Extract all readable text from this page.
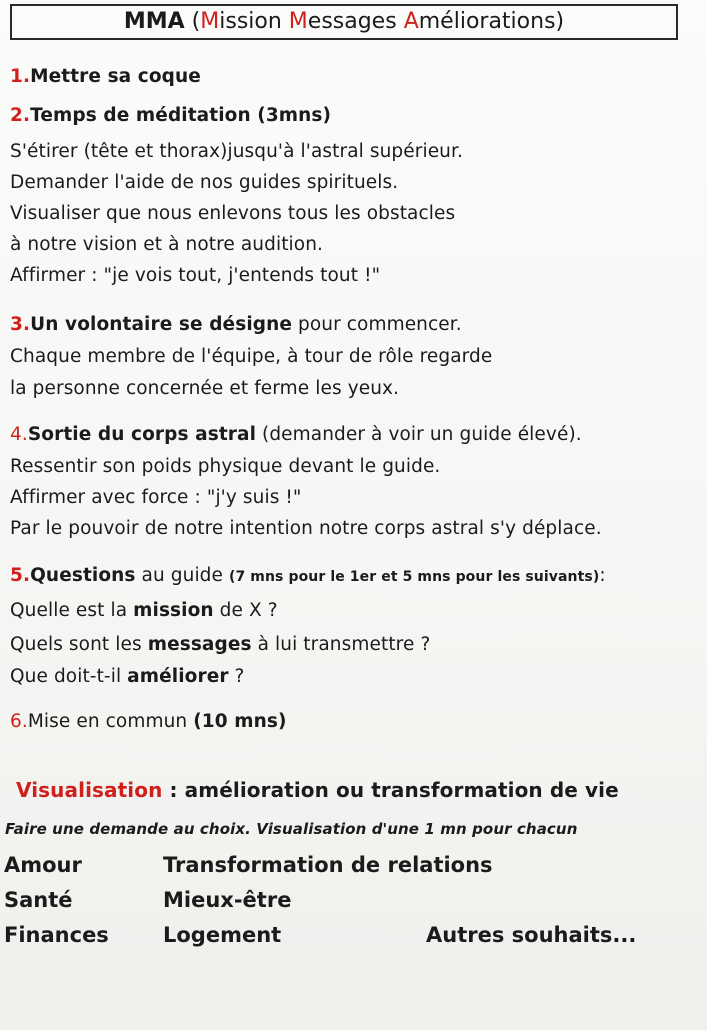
MMA (Mission Messages Améliorations)
1.Mettre sa coque
2.Temps de méditation (3mns)
S'étirer (tête et thorax)jusqu'à l'astral supérieur.
Demander l'aide de nos guides spirituels.
Visualiser que nous enlevons tous les obstacles
à notre vision et à notre audition.
Affirmer : "je vois tout, j'entends tout !"
3.Un volontaire se désigne pour commencer.
Chaque membre de l'équipe, à tour de rôle regarde
la personne concernée et ferme les yeux.
4.Sortie du corps astral (demander à voir un guide élevé).
Ressentir son poids physique devant le guide.
Affirmer avec force : "j'y suis !"
Par le pouvoir de notre intention notre corps astral s'y déplace.
5.Questions au guide (7 mns pour le 1er et 5 mns pour les suivants):
Quelle est la mission de X ?
Quels sont les messages à lui transmettre ?
Que doit-t-il améliorer ?
6.Mise en commun (10 mns)
Visualisation : amélioration ou transformation de vie
Faire une demande au choix. Visualisation d'une 1 mn pour chacun
Amour	Transformation de relations
Santé	Mieux-être
Finances	Logement	Autres souhaits...
